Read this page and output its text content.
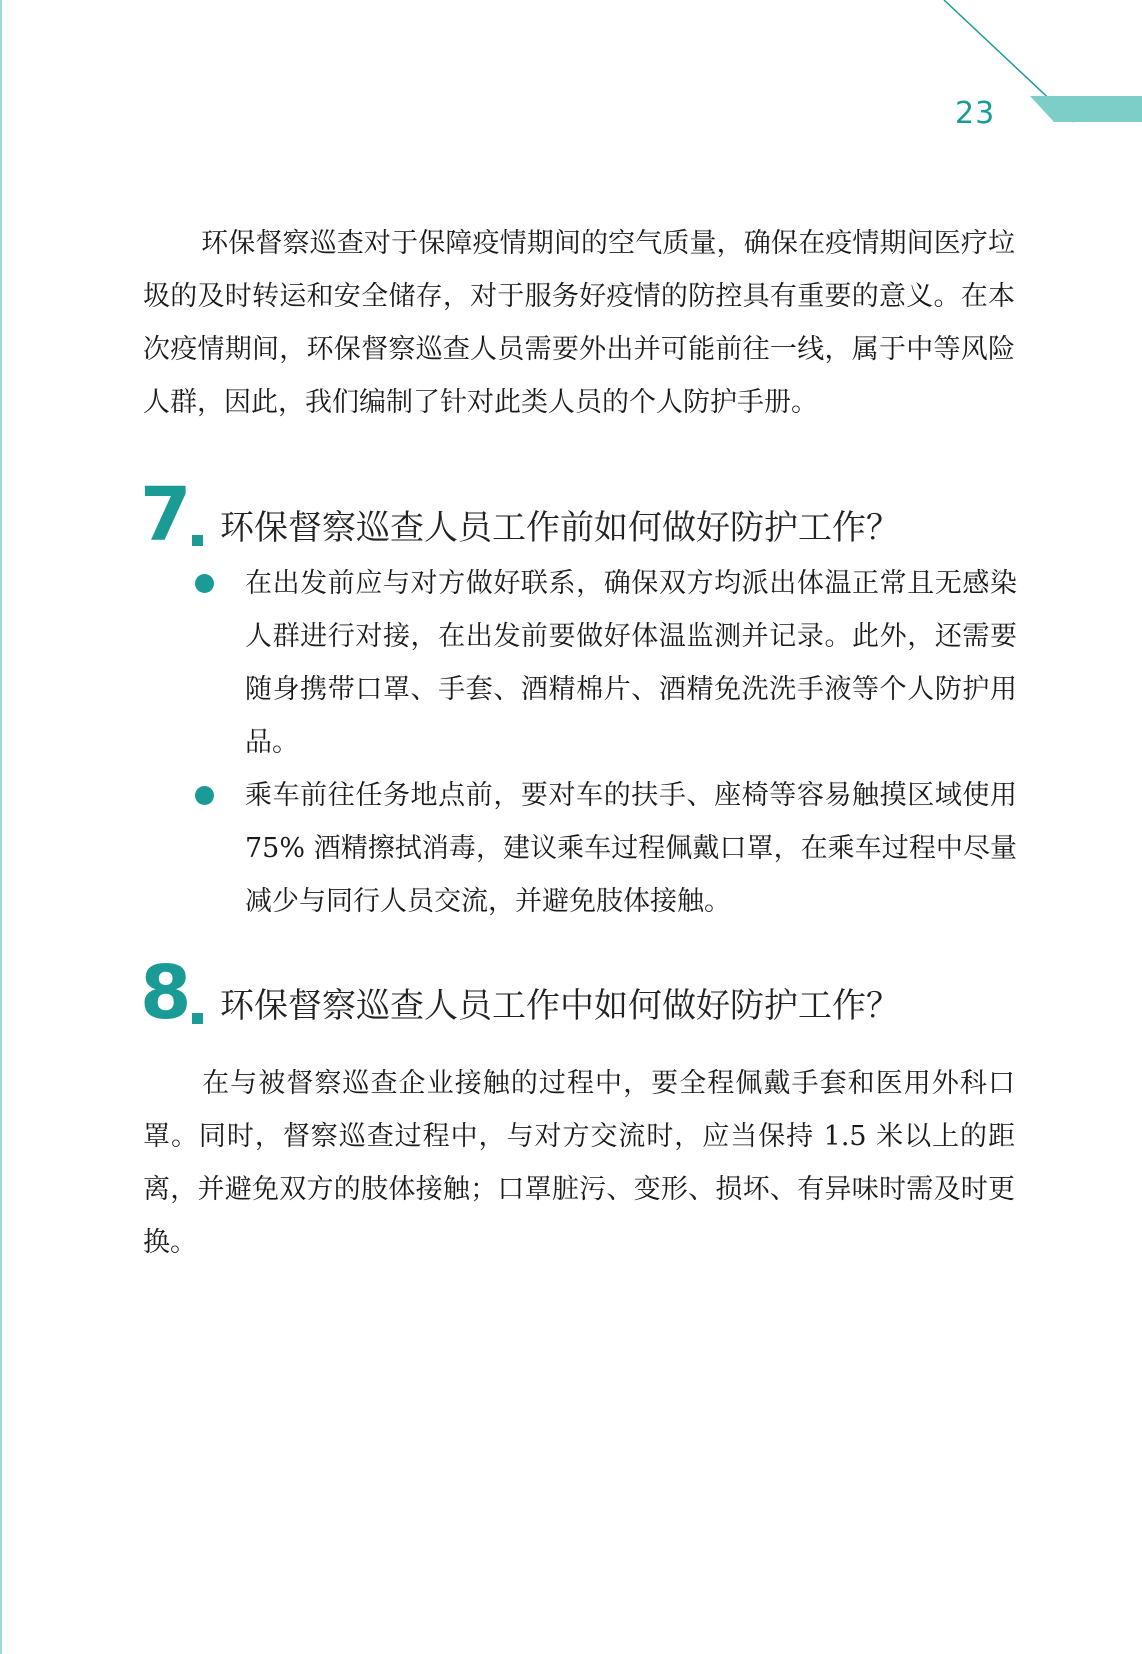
23

环保督察巡查对于保障疫情期间的空气质量，确保在疫情期间医疗垃圾的及时转运和安全储存，对于服务好疫情的防控具有重要的意义。在本次疫情期间，环保督察巡查人员需要外出并可能前往一线，属于中等风险人群，因此，我们编制了针对此类人员的个人防护手册。

7 环保督察巡查人员工作前如何做好防护工作？
在出发前应与对方做好联系，确保双方均派出体温正常且无感染人群进行对接，在出发前要做好体温监测并记录。此外，还需要随身携带口罩、手套、酒精棉片、酒精免洗洗手液等个人防护用品。
乘车前往任务地点前，要对车的扶手、座椅等容易触摸区域使用 75% 酒精擦拭消毒，建议乘车过程佩戴口罩，在乘车过程中尽量减少与同行人员交流，并避免肢体接触。
8 环保督察巡查人员工作中如何做好防护工作？

在与被督察巡查企业接触的过程中，要全程佩戴手套和医用外科口罩。同时，督察巡查过程中，与对方交流时，应当保持 1.5 米以上的距离，并避免双方的肢体接触；口罩脏污、变形、损坏、有异味时需及时更换。
